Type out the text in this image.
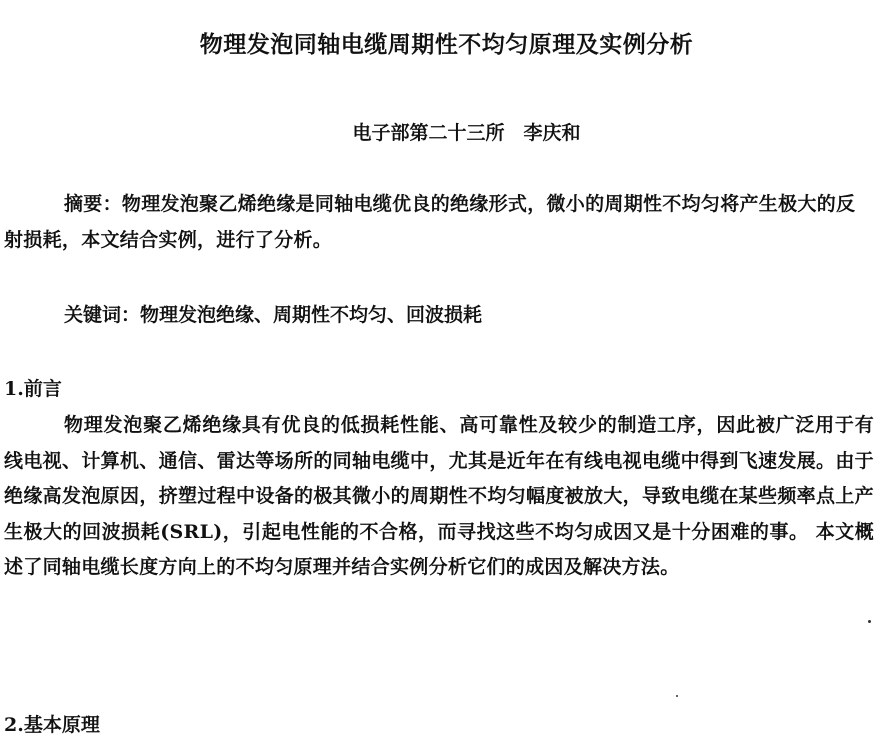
物理发泡同轴电缆周期性不均匀原理及实例分析
电子部第二十三所　李庆和
摘要：物理发泡聚乙烯绝缘是同轴电缆优良的绝缘形式，微小的周期性不均匀将产生极大的反射损耗，本文结合实例，进行了分析。
关键词：物理发泡绝缘、周期性不均匀、回波损耗
1.前言
物理发泡聚乙烯绝缘具有优良的低损耗性能、高可靠性及较少的制造工序，因此被广泛用于有线电视、计算机、通信、雷达等场所的同轴电缆中，尤其是近年在有线电视电缆中得到飞速发展。由于绝缘高发泡原因，挤塑过程中设备的极其微小的周期性不均匀幅度被放大，导致电缆在某些频率点上产生极大的回波损耗(SRL)，引起电性能的不合格，而寻找这些不均匀成因又是十分困难的事。 本文概述了同轴电缆长度方向上的不均匀原理并结合实例分析它们的成因及解决方法。
2.基本原理
